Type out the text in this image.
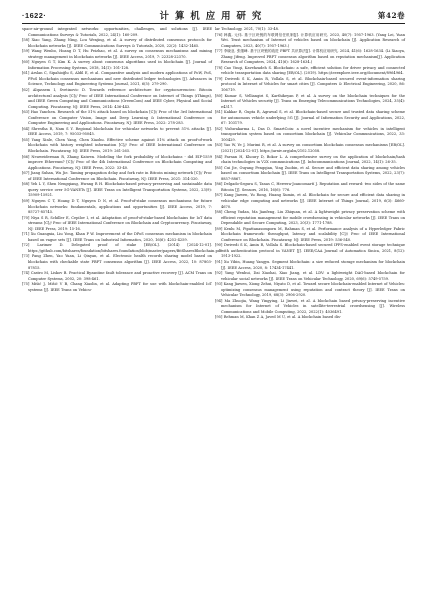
·1622·	计算机应用研究	第42卷
space-air-ground integrated networks: opportunities, challenges, and solutions [J]. IEEE Communications Surveys & Tutorials, 2022, 24(1): 160-209.
[58] Xiao Yang, Zhang Ning, Lou Wenjing, et al. A survey of distributed consensus protocols for blockchain networks [J]. IEEE Communications Surveys & Tutorials, 2020, 22(2): 1432-1465.
[59] Wang Wenbo, Hoang D T, Hu Peizhao, et al. A survey on consensus mechanisms and mining strategy management in blockchain networks [J]. IEEE Access, 2019, 7: 22328-22370.
[60] Nguyen G T, Kim K. A survey about consensus algorithms used in blockchain [J]. Journal of Information Processing Systems, 2018, 14(1): 101-128.
[61] Arslan C, Sipahioğlu S, Aldil E, et al. Comparative analysis and modern applications of PoW, PoS, PPoS blockchain consensus mechanisms and new distributed ledger technologies [J]. Advances in Science, Technology and Engineering Systems Journal, 2021, 6(5): 279-290.
[62] Alqassem I, Svetinovic D. Towards reference architecture for cryptocurrencies: Bitcoin architectural analysis [C]// Proc of IEEE International Conference on Internet of Things (iThings), and IEEE Green Computing and Communications (GreenCom) and IEEE Cyber, Physical and Social Computing. Piscataway, NJ: IEEE Press, 2014: 436-443.
[63] Hao Yanchen. Research of the 51% attack based on blockchain [C]// Proc of the 3rd International Conference on Computer Vision, Image and Deep Learning & International Conference on Computer Engineering and Applications. Piscataway, NJ: IEEE Press, 2022: 278-283.
[64] Shrestha R, Nam S Y. Regional blockchain for vehicular networks to prevent 51% attacks [J]. IEEE Access, 2019, 7: 95033-95045.
[65] Yang Xinle, Chen Yang, Chen Xiaohu. Effective scheme against 51% attack on proof-of-work blockchain with history weighted information [C]// Proc of IEEE International Conference on Blockchain. Piscataway, NJ: IEEE Press, 2019: 261-265.
[66] Neuweiderman R, Zhang Kaiwen. Modeling the fork probability of blockchains - did EIP-1559 improve Ethereum? [C]// Proc of the 4th International Conference on Blockchain Computing and Applications. Piscataway, NJ: IEEE Press, 2022: 33-40.
[67] Jiang Suhan, Wu Jie. Taming propagation delay and fork rate in Bitcoin mining network [C]// Proc of IEEE International Conference on Blockchain. Piscataway, NJ: IEEE Press, 2021: 314-320.
[68] Yeh L Y, Shen Nengqiang, Hwang R H. Blockchain-based privacy-preserving and sustainable data query service over 5G-VANETs [J]. IEEE Trans on Intelligent Transportation Systems, 2022, 23(9): 15909-15921.
[69] Nguyen C T, Hoang D T, Nguyen D N, et al. Proof-of-stake consensus mechanisms for future blockchain networks: fundamentals, applications and opportunities [J]. IEEE Access, 2019, 7: 85727-85745.
[70] Niya S R, Schiller E, Cepilov I, et al. Adaptation of proof-of-stake-based blockchains for IoT data streams [C]// Proc of IEEE International Conference on Blockchain and Cryptocurrency. Piscataway, NJ: IEEE Press, 2019: 15-16.
[71] Xu Guangxia, Liu Yong, Khan P W. Improvement of the DPoS consensus mechanism in blockchain based on vague sets [J]. IEEE Trans on Industrial Informatics, 2020, 16(6): 4252-4259.
[72] Larimer D. Delegated proof of stake [EB/OL]. (2014) [2024-12-01]. https://github.com/bitshares/foundation/bitshares.foundation/blob/master/papers/BitSharesBlockchain.pdf.
[73] Pang Zhen, Yao Yuan, Li Qinyan, et al. Electronic health records sharing model based on blockchain with checkable state PBFT consensus algorithm [J]. IEEE Access, 2022, 10: 87803-87815.
[74] Castro M, Liskov B. Practical Byzantine fault tolerance and proactive recovery [J]. ACM Trans on Computer Systems, 2002, 20: 398-461.
[75] Mišić J, Mišić V B, Chang Xiaolin, et al. Adapting PBFT for use with blockchain-enabled IoT systems [J]. IEEE Trans on Vehicu-
lar Technology, 2021, 70(1): 33-48.
[76] 韩鑫, 元伟. 基于区块链的车联网信任机制[J]. 计算机应用研究, 2023, 40(7): 1957-1963. (Yang Lei, Yuan Wei. Trust mechanism of Internet of vehicles based on blockchain [J]. Application Research of Computers, 2023, 40(7): 1957-1963.)
[77] 李晓亚, 张继峰. 基于区块链的改进 PBFT 共识算法[J]. 计算机应用研究, 2024, 41(6): 1628-1634. (Li Xiaoya, Zhang Jifeng. Improved PBFT consensus algorithm based on reputation mechanism[J]. Application Research of Computers, 2024, 41(6): 1628-1634.)
[78] Cao Yinqi, Kavehzadeh S. Blockchain: a safe, efficient solution for driver privacy and connected vehicle transportation data sharing [EB/OL]. (2019). https://ieeexplore.ieee.org/document/8964964.
[79] Dwivedi S K, Amin R, Vollala S, et al. Blockchain-based secured event-information sharing protocol in Internet of Vehicles for smart cities [J]. Computers & Electrical Engineering, 2020, 86: 106719.
[80] Kumar S, Velliangiri S, Karthikeyan P, et al. A survey on the blockchain techniques for the Internet of Vehicles security [J]. Trans on Emerging Telecommunications Technologies, 2024, 35(4): e4317.
[81] Kakkar R, Gupta R, Agrawal S, et al. Blockchain-based secure and trusted data sharing scheme for autonomous vehicle underlying 5G [J]. Journal of Information Security and Applications, 2022, 67: 103179.
[82] Vishwakarma L, Das D. SmartCoin: a novel incentive mechanism for vehicles in intelligent transportation system based on consortium blockchain [J]. Vehicular Communications, 2022, 33: 100429.
[83] Yao W, Ye J, Murimi R, et al. A survey on consortium blockchain consensus mechanisms [EB/OL]. (2021) [2024-12-01]. https://arxiv.org/abs/2102.12058.
[84] Farnan H, Khoury D, Bokor L. A comprehensive survey on the application of blockchain/hash chain technologies in V2X communications [J]. Infocommunications Journal, 2022, 14(1): 26-35.
[85] Cui Jie, Ouyang Fengqian, Ying Zuobin, et al. Secure and efficient data sharing among vehicles based on consortium blockchain [J]. IEEE Trans on Intelligent Transportation Systems, 2022, 23(7): 8857-8867.
[86] Delgado-Segura S, Tanas C, Herrera-Joancomartí J. Reputation and reward: two sides of the same Bitcoin [J]. Sensors, 2016, 16(6): 776.
[87] Kang Jiawen, Yu Rong, Huang Xumin, et al. Blockchain for secure and efficient data sharing in vehicular edge computing and networks [J]. IEEE Internet of Things Journal, 2019, 6(3): 4660-4670.
[88] Cheng Yudan, Ma Jianfeng, Liu Zhiquan, et al. A lightweight privacy preservation scheme with efficient reputation management for mobile crowdsensing in vehicular networks [J]. IEEE Trans on Dependable and Secure Computing, 2023, 20(3): 1771-1788.
[89] Kenlu M, Pipattanasomporn M, Rahman S, et al. Performance analysis of a Hyperledger Fabric blockchain framework: throughput, latency and scalability [C]// Proc of IEEE International Conference on Blockchain. Piscataway, NJ: IEEE Press, 2019: 536-540.
[90] Dwivedi S K, Amin R, Vollala S. Blockchain-based secured IPFS-enabled event storage technique with authentication protocol in VANET [J]. IEEE/CAA Journal of Automatica Sinica, 2021, 8(12): 1913-1922.
[91] Xu Yibin, Huang Yangyu. Segment blockchain: a size reduced storage mechanism for blockchain [J]. IEEE Access, 2020, 8: 17434-17441.
[92] Yang Wenhui, Dai Xiaohai, Xiao Jiang, et al. LDV: a lightweight DAG-based blockchain for vehicular social networks [J]. IEEE Trans on Vehicular Technology, 2020, 69(6): 5749-5759.
[93] Kang Jiawen, Xiong Zehui, Niyato D, et al. Toward secure blockchain-enabled Internet of Vehicles: optimizing consensus management using reputation and contract theory [J]. IEEE Trans on Vehicular Technology, 2019, 68(3): 2906-2920.
[94] Ma Zhuojia, Wang Yingying, Li Jinwei, et al. A blockchain based privacy-preserving incentive mechanism for Internet of Vehicles in satellite-terrestrial crowdsensing [J]. Wireless Communications and Mobile Computing, 2022, 2022(1): 4036491.
[95] Rehman M, Khan Z A, Javed M U, et al. A blockchain based dis-
